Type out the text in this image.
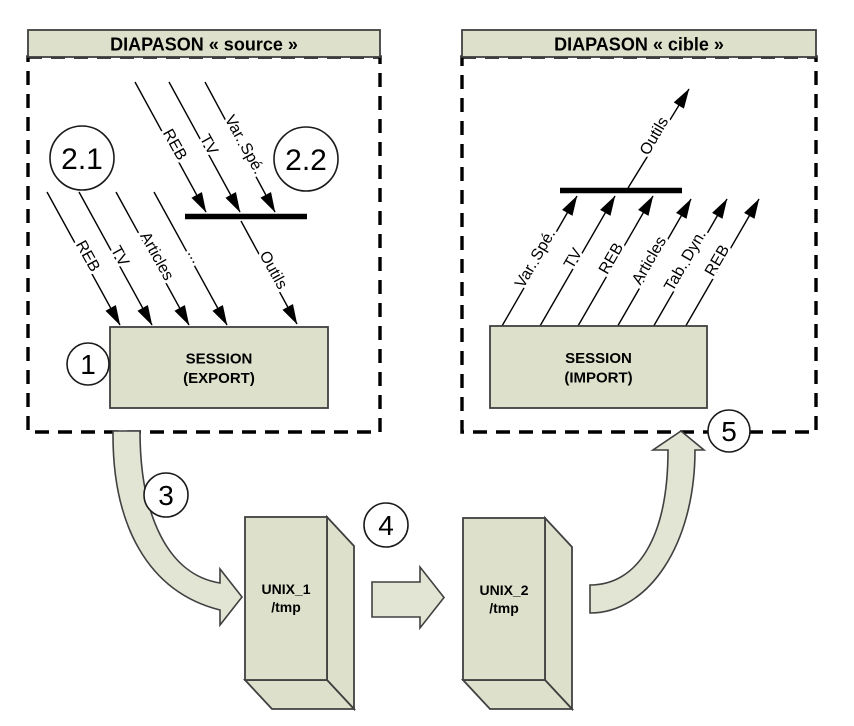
DIAPASON « source »	DIAPASON « cible »
REB TV Var. Spé.
REB TV Articles ...	Outils
SESSION
(EXPORT)
2.1	2.2
1
Var. Spé. TV REB Articles
Tab. Dyn.
REB
Outils
SESSION
(IMPORT)
UNIX_1
/tmp
UNIX_2
/tmp
3
4
5
